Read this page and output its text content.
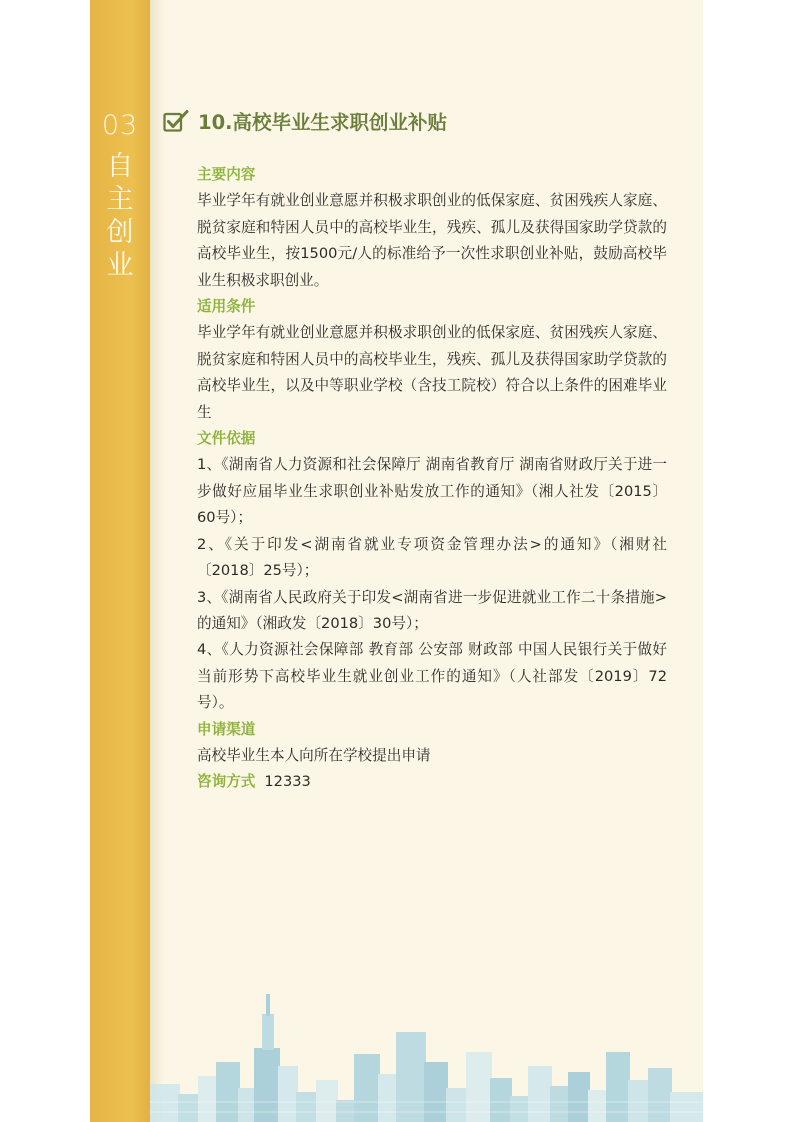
03
自
主
创
业
10.高校毕业生求职创业补贴
主要内容
毕业学年有就业创业意愿并积极求职创业的低保家庭、贫困残疾人家庭、脱贫家庭和特困人员中的高校毕业生，残疾、孤儿及获得国家助学贷款的高校毕业生，按1500元/人的标准给予一次性求职创业补贴，鼓励高校毕业生积极求职创业。
适用条件
毕业学年有就业创业意愿并积极求职创业的低保家庭、贫困残疾人家庭、脱贫家庭和特困人员中的高校毕业生，残疾、孤儿及获得国家助学贷款的高校毕业生，以及中等职业学校（含技工院校）符合以上条件的困难毕业生
文件依据
1、《湖南省人力资源和社会保障厅 湖南省教育厅 湖南省财政厅关于进一步做好应届毕业生求职创业补贴发放工作的通知》（湘人社发〔2015〕60号）；
2、《关于印发<湖南省就业专项资金管理办法>的通知》（湘财社〔2018〕25号）；
3、《湖南省人民政府关于印发<湖南省进一步促进就业工作二十条措施>的通知》（湘政发〔2018〕30号）；
4、《人力资源社会保障部 教育部 公安部 财政部 中国人民银行关于做好当前形势下高校毕业生就业创业工作的通知》（人社部发〔2019〕72号）。
申请渠道
高校毕业生本人向所在学校提出申请
咨询方式 12333
